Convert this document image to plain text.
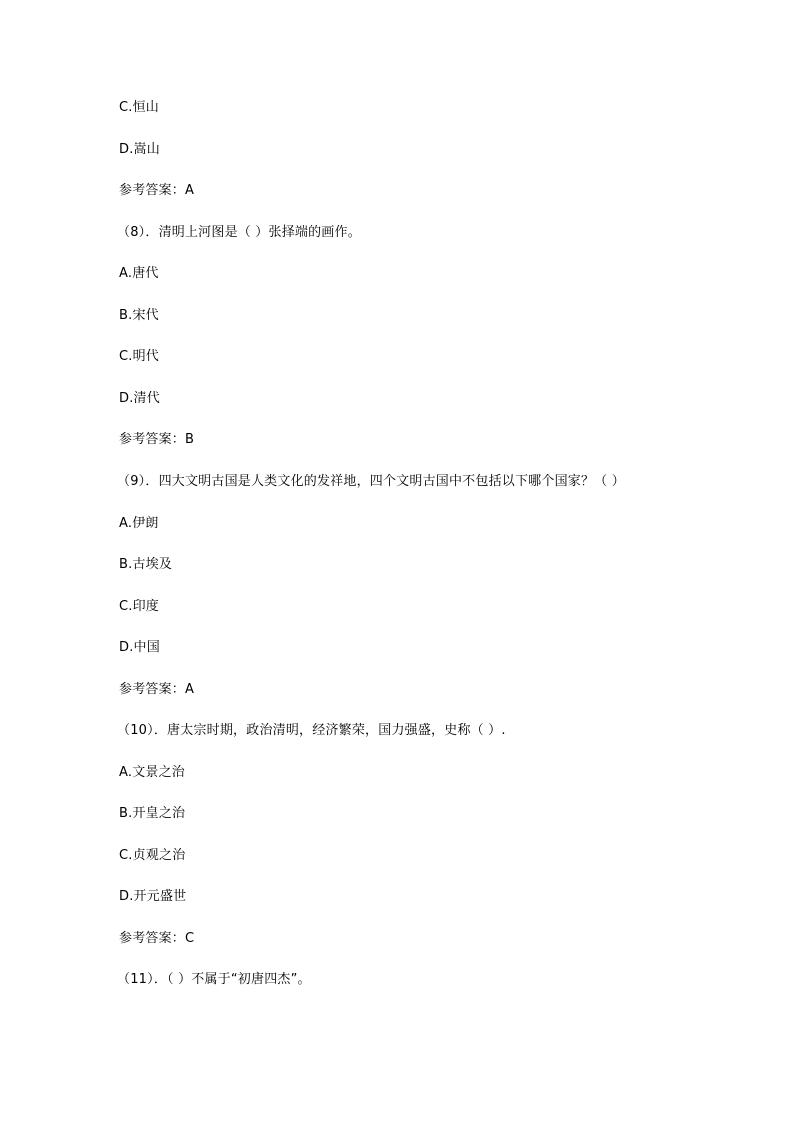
C.恒山
D.嵩山
参考答案：A
（8）．清明上河图是（ ）张择端的画作。
A.唐代
B.宋代
C.明代
D.清代
参考答案：B
（9）．四大文明古国是人类文化的发祥地，四个文明古国中不包括以下哪个国家？（ ）
A.伊朗
B.古埃及
C.印度
D.中国
参考答案：A
（10）．唐太宗时期，政治清明，经济繁荣，国力强盛，史称（ ）.
A.文景之治
B.开皇之治
C.贞观之治
D.开元盛世
参考答案：C
（11）．（ ）不属于“初唐四杰”。
